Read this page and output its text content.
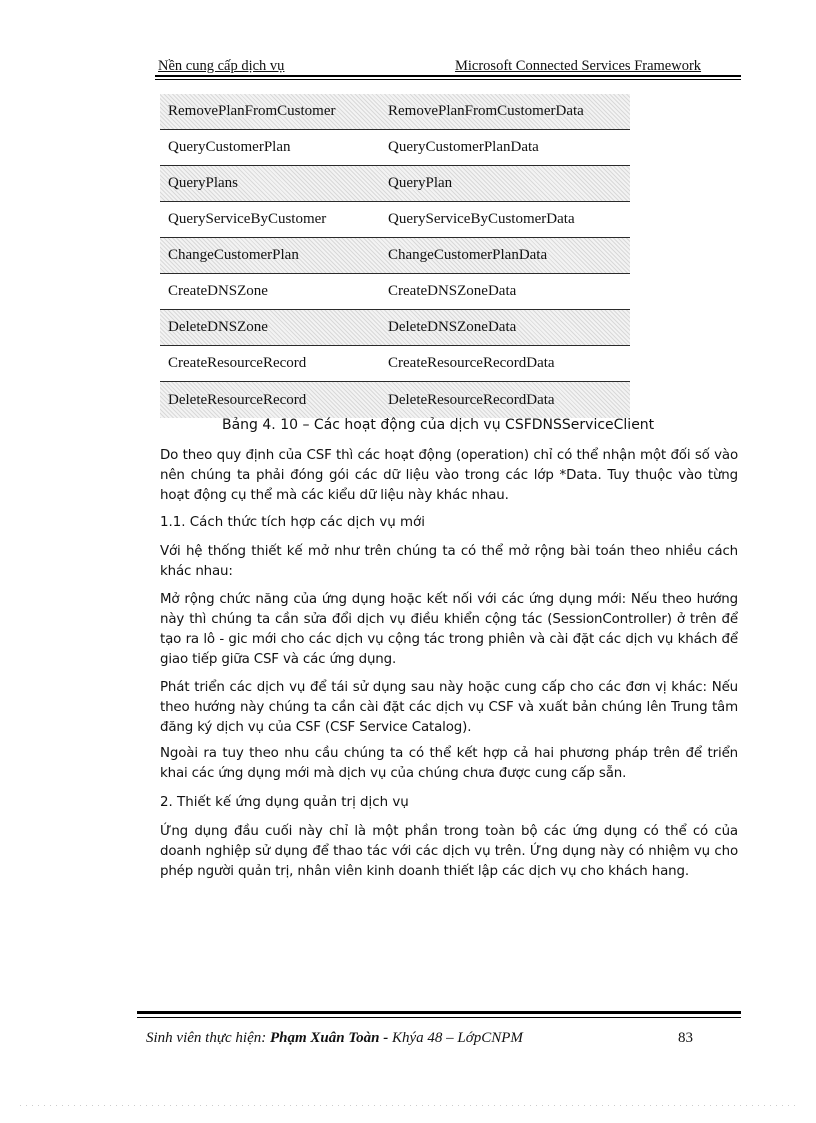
Nền cung cấp dịch vụ	Microsoft Connected Services Framework
RemovePlanFromCustomer	RemovePlanFromCustomerData
QueryCustomerPlan	QueryCustomerPlanData
QueryPlans	QueryPlan
QueryServiceByCustomer	QueryServiceByCustomerData
ChangeCustomerPlan	ChangeCustomerPlanData
CreateDNSZone	CreateDNSZoneData
DeleteDNSZone	DeleteDNSZoneData
CreateResourceRecord	CreateResourceRecordData
DeleteResourceRecord	DeleteResourceRecordData
Bảng 4. 10 – Các hoạt động của dịch vụ CSFDNSServiceClient

Do theo quy định của CSF thì các hoạt động (operation) chỉ có thể nhận một đối số vào nên chúng ta phải đóng gói các dữ liệu vào trong các lớp *Data. Tuy thuộc vào từng hoạt động cụ thể mà các kiểu dữ liệu này khác nhau.

1.1. Cách thức tích hợp các dịch vụ mới

Với hệ thống thiết kế mở như trên chúng ta có thể mở rộng bài toán theo nhiều cách khác nhau:

Mở rộng chức năng của ứng dụng hoặc kết nối với các ứng dụng mới: Nếu theo hướng này thì chúng ta cần sửa đổi dịch vụ điều khiển cộng tác (SessionController) ở trên để tạo ra lô - gic mới cho các dịch vụ cộng tác trong phiên và cài đặt các dịch vụ khách để giao tiếp giữa CSF và các ứng dụng.

Phát triển các dịch vụ để tái sử dụng sau này hoặc cung cấp cho các đơn vị khác: Nếu theo hướng này chúng ta cần cài đặt các dịch vụ CSF và xuất bản chúng lên Trung tâm đăng ký dịch vụ của CSF (CSF Service Catalog).

Ngoài ra tuy theo nhu cầu chúng ta có thể kết hợp cả hai phương pháp trên để triển khai các ứng dụng mới mà dịch vụ của chúng chưa được cung cấp sẵn.

2. Thiết kế ứng dụng quản trị dịch vụ

Ứng dụng đầu cuối này chỉ là một phần trong toàn bộ các ứng dụng có thể có của doanh nghiệp sử dụng để thao tác với các dịch vụ trên. Ứng dụng này có nhiệm vụ cho phép người quản trị, nhân viên kinh doanh thiết lập các dịch vụ cho khách hang.

Sinh viên thực hiện: Phạm Xuân Toàn - Khýa 48 – LớpCNPM	83
